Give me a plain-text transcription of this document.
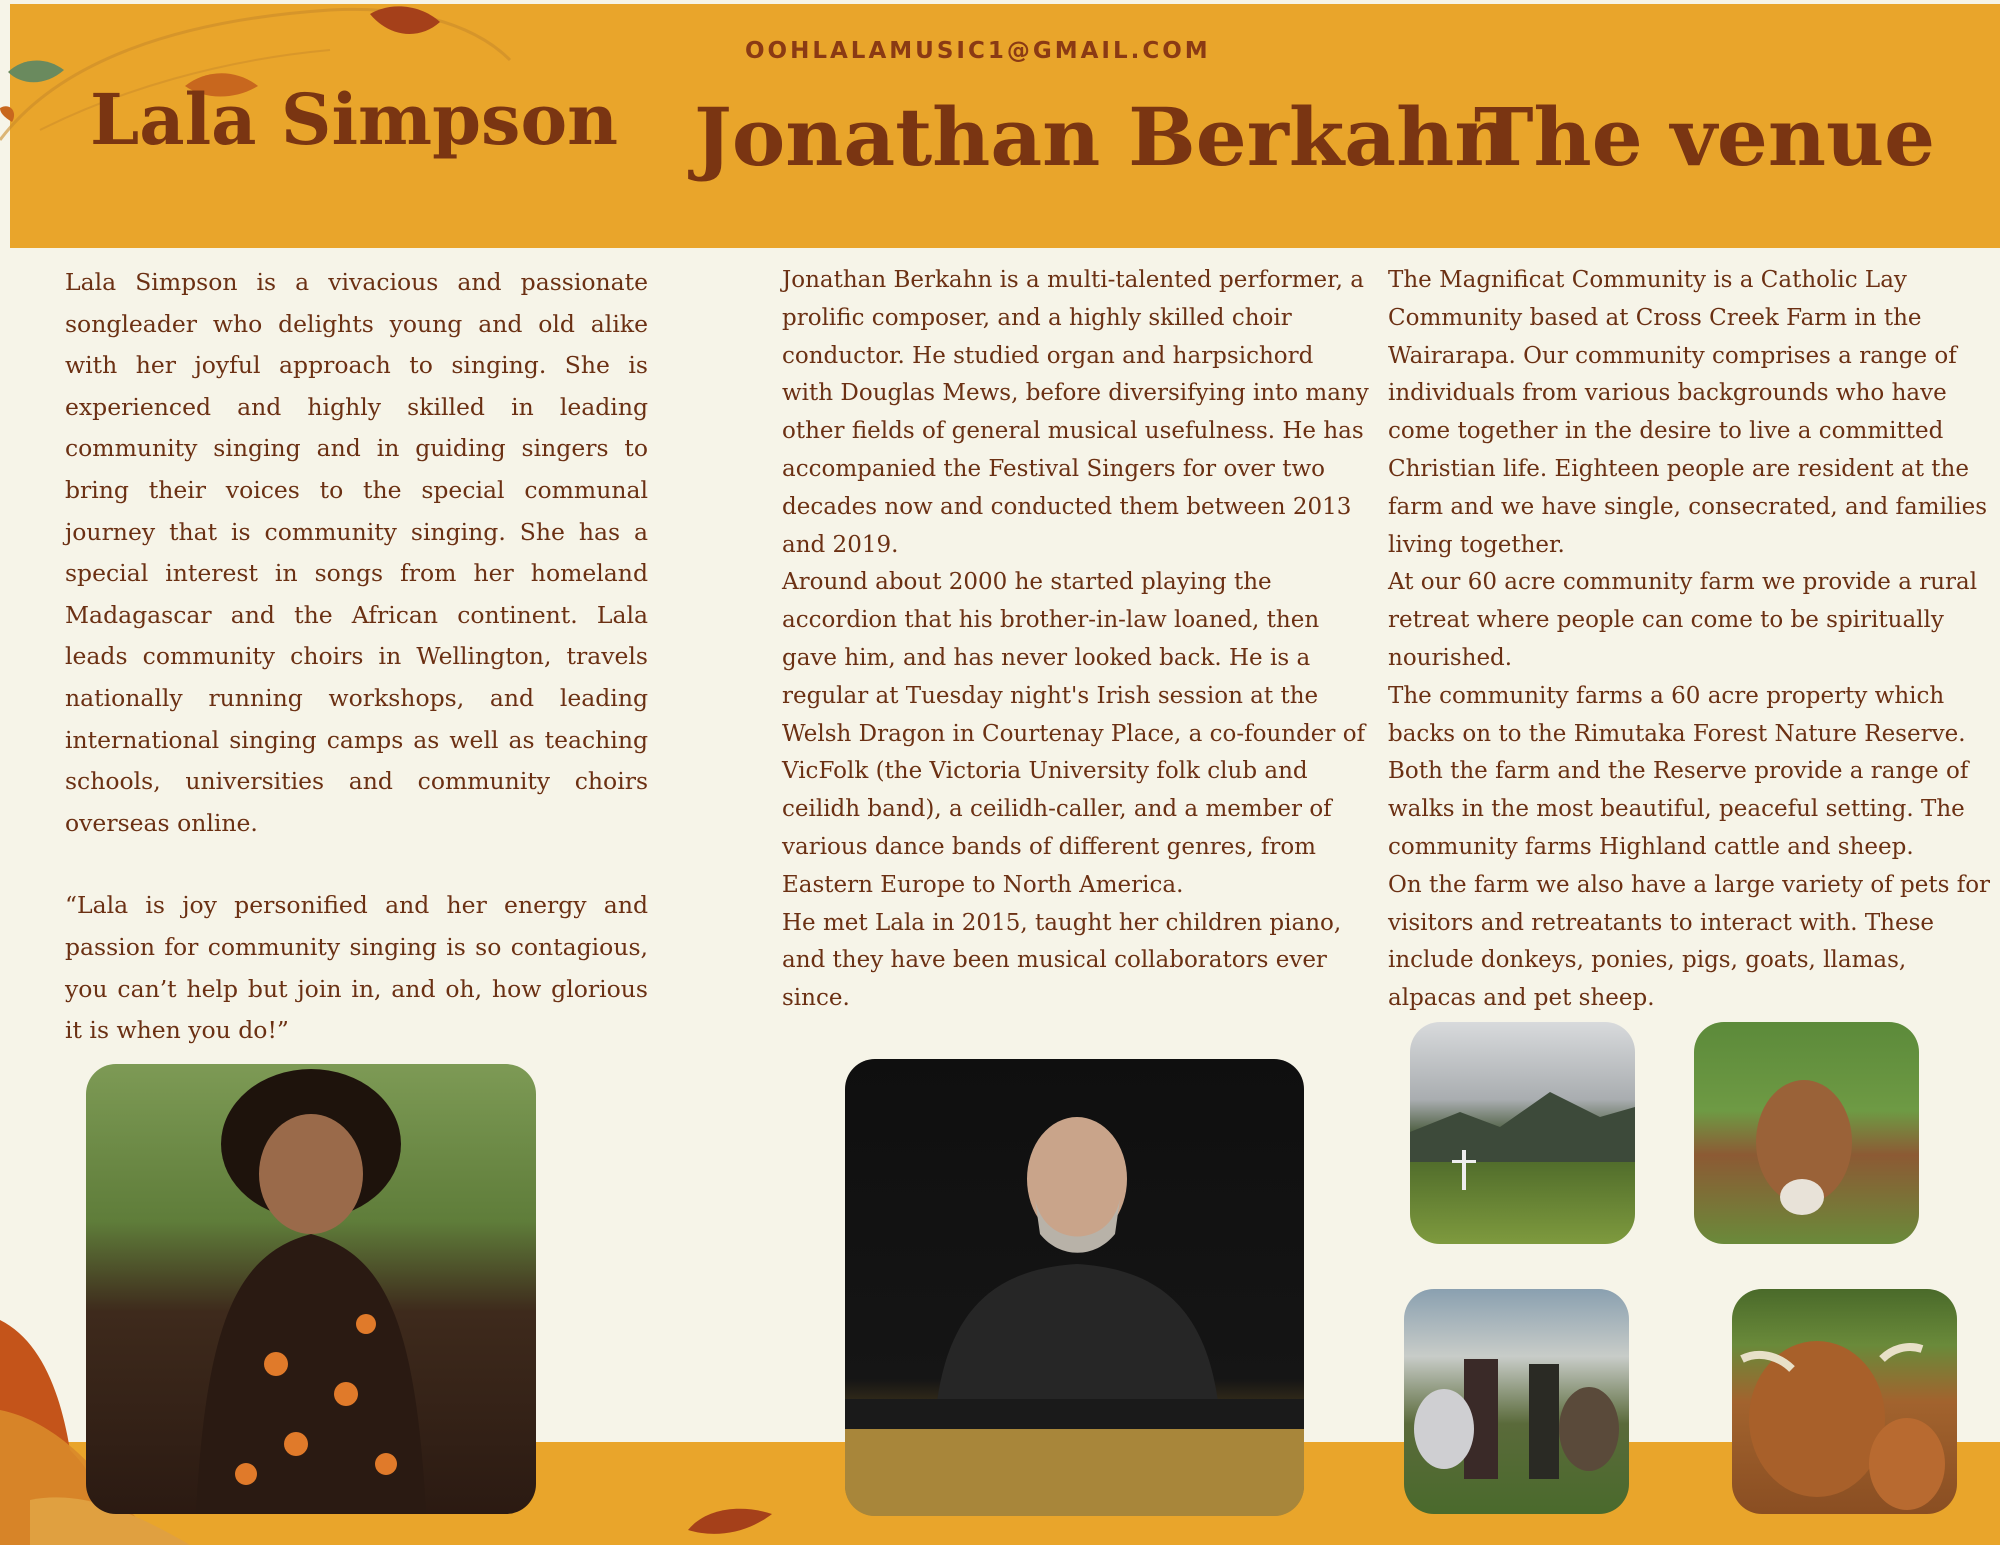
OOHLALAMUSIC1@GMAIL.COM
Lala Simpson Jonathan Berkahn
The venue

Lala Simpson is a vivacious and passionate songleader who delights young and old alike with her joyful approach to singing. She is experienced and highly skilled in leading community singing and in guiding singers to bring their voices to the special communal journey that is community singing. She has a special interest in songs from her homeland Madagascar and the African continent. Lala leads community choirs in Wellington, travels nationally running workshops, and leading international singing camps as well as teaching schools, universities and community choirs overseas online.

“Lala is joy personified and her energy and passion for community singing is so contagious, you can’t help but join in, and oh, how glorious it is when you do!”

Jonathan Berkahn is a multi-talented performer, a prolific composer, and a highly skilled choir conductor. He studied organ and harpsichord with Douglas Mews, before diversifying into many other fields of general musical usefulness. He has accompanied the Festival Singers for over two decades now and conducted them between 2013 and 2019.

Around about 2000 he started playing the accordion that his brother-in-law loaned, then gave him, and has never looked back. He is a regular at Tuesday night's Irish session at the Welsh Dragon in Courtenay Place, a co-founder of VicFolk (the Victoria University folk club and ceilidh band), a ceilidh-caller, and a member of various dance bands of different genres, from Eastern Europe to North America.

He met Lala in 2015, taught her children piano, and they have been musical collaborators ever since.

The Magnificat Community is a Catholic Lay Community based at Cross Creek Farm in the Wairarapa. Our community comprises a range of individuals from various backgrounds who have come together in the desire to live a committed Christian life. Eighteen people are resident at the farm and we have single, consecrated, and families living together.

At our 60 acre community farm we provide a rural retreat where people can come to be spiritually nourished.

The community farms a 60 acre property which backs on to the Rimutaka Forest Nature Reserve. Both the farm and the Reserve provide a range of walks in the most beautiful, peaceful setting. The community farms Highland cattle and sheep.

On the farm we also have a large variety of pets for visitors and retreatants to interact with. These include donkeys, ponies, pigs, goats, llamas, alpacas and pet sheep.
